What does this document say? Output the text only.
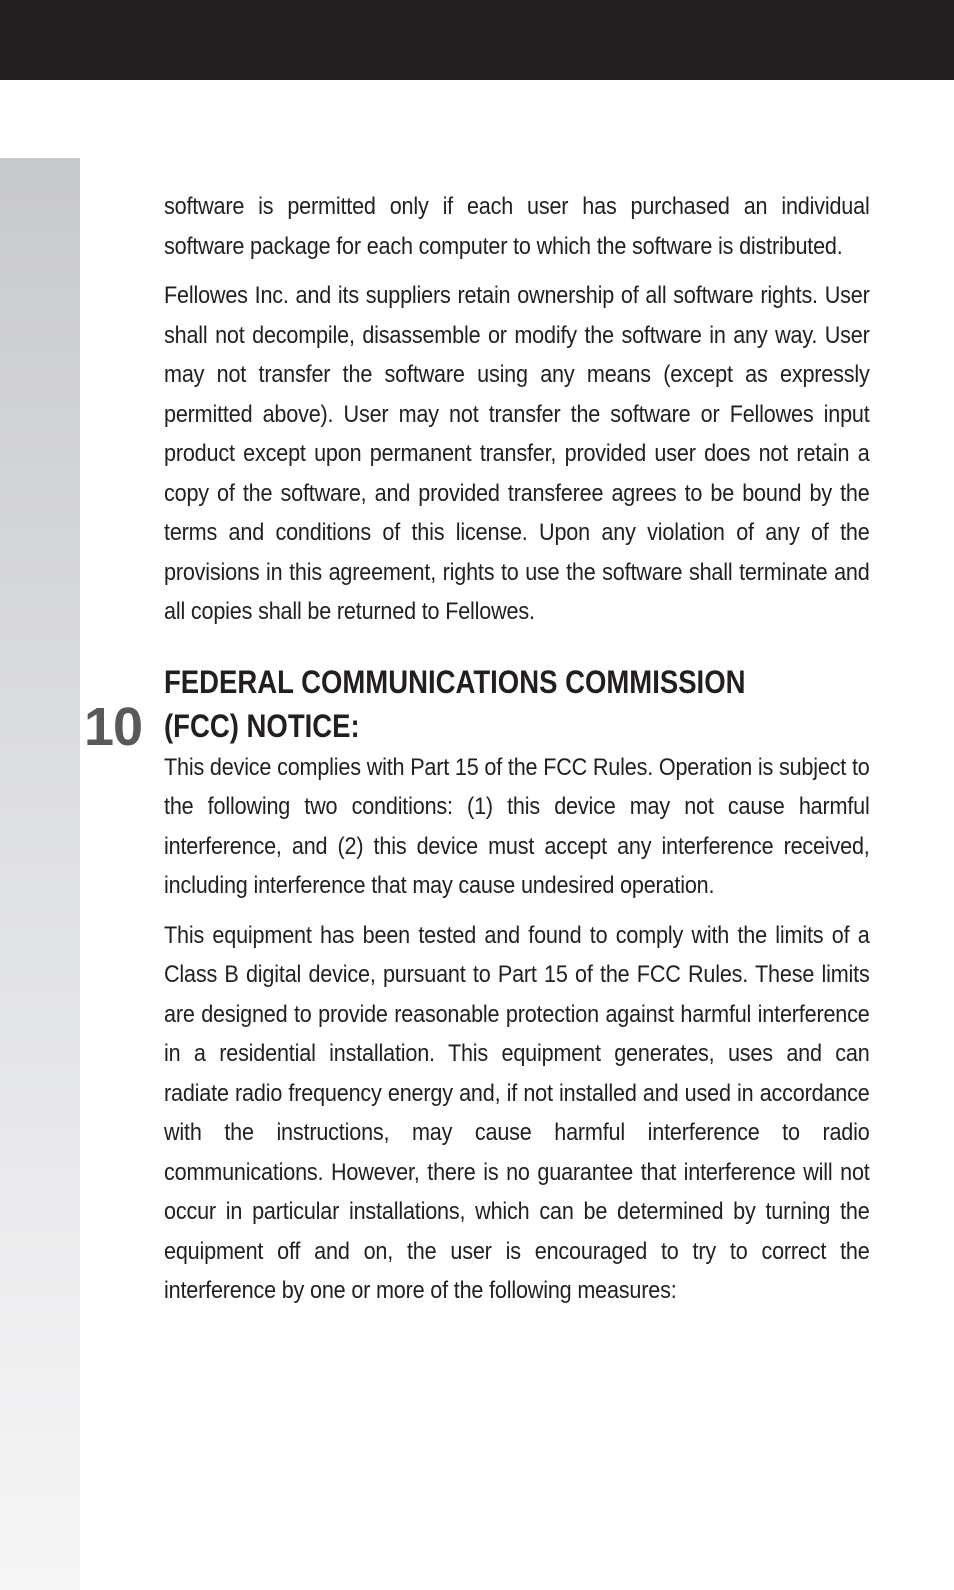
10

software is permitted only if each user has purchased an individual software package for each computer to which the software is distributed.

Fellowes Inc. and its suppliers retain ownership of all software rights. User shall not decompile, disassemble or modify the software in any way. User may not transfer the software using any means (except as expressly permitted above). User may not transfer the software or Fellowes input product except upon permanent transfer, provided user does not retain a copy of the software, and provided transferee agrees to be bound by the terms and conditions of this license. Upon any violation of any of the provisions in this agreement, rights to use the software shall terminate and all copies shall be returned to Fellowes.

FEDERAL COMMUNICATIONS COMMISSION
(FCC) NOTICE:

This device complies with Part 15 of the FCC Rules. Operation is subject to the following two conditions: (1) this device may not cause harmful interference, and (2) this device must accept any interference received, including interference that may cause undesired operation.

This equipment has been tested and found to comply with the limits of a Class B digital device, pursuant to Part 15 of the FCC Rules. These limits are designed to provide reasonable protection against harmful interference in a residential installation. This equipment generates, uses and can radiate radio frequency energy and, if not installed and used in accordance with the instructions, may cause harmful interference to radio communications. However, there is no guarantee that interference will not occur in particular installations, which can be determined by turning the equipment off and on, the user is encouraged to try to correct the interference by one or more of the following measures:
